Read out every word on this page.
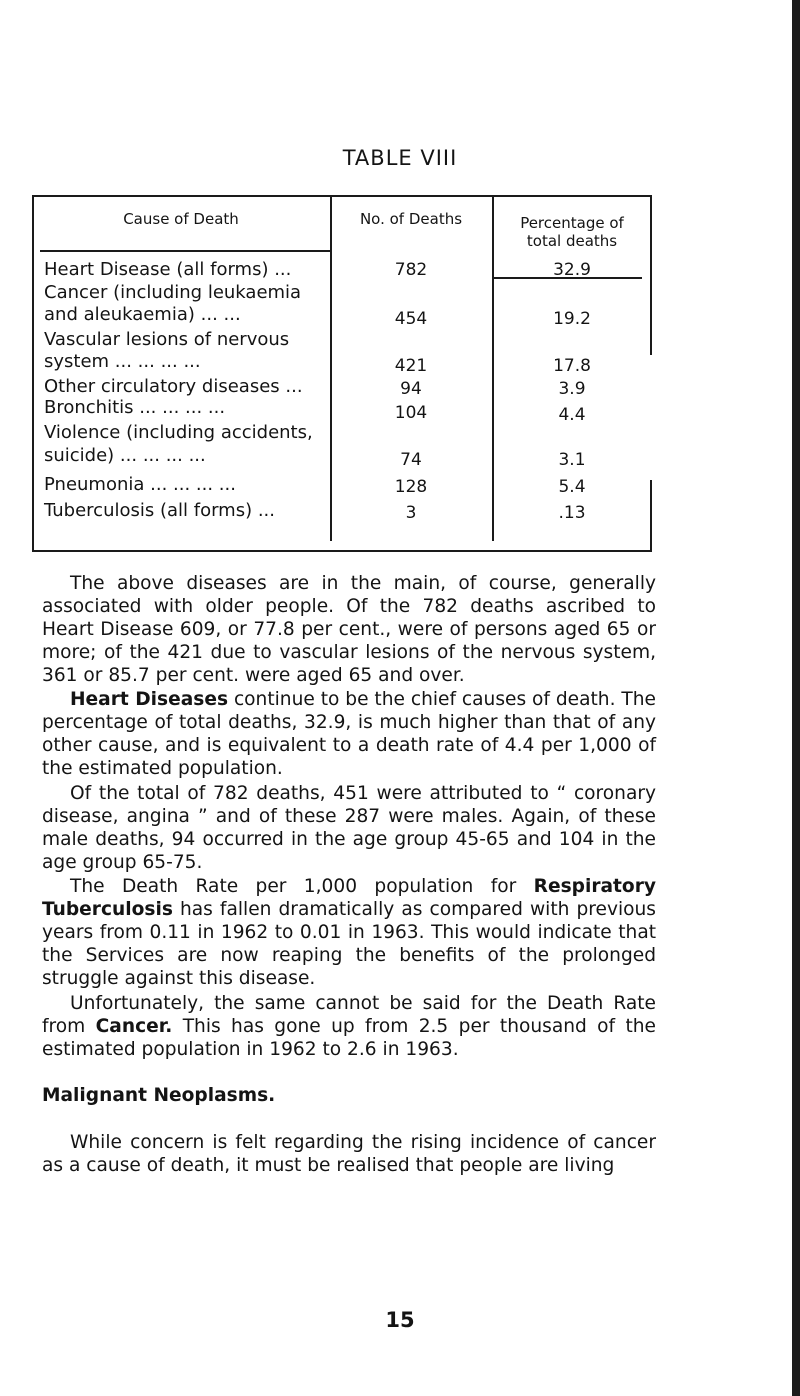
TABLE VIII
Cause of Death	No. of Deaths	Percentage of
total deaths
Heart Disease (all forms) ...	782	32.9
Cancer (including leukaemia
and aleukaemia) ... ...	454	19.2
Vascular lesions of nervous
system ... ... ... ...	421	17.8
Other circulatory diseases ...	94	3.9
Bronchitis ... ... ... ...	104	4.4
Violence (including accidents,
suicide) ... ... ... ...	74	3.1
Pneumonia ... ... ... ...	128	5.4
Tuberculosis (all forms) ...	3	.13

The above diseases are in the main, of course, generally associated with older people. Of the 782 deaths ascribed to Heart Disease 609, or 77.8 per cent., were of persons aged 65 or more; of the 421 due to vascular lesions of the nervous system, 361 or 85.7 per cent. were aged 65 and over.

Heart Diseases continue to be the chief causes of death. The percentage of total deaths, 32.9, is much higher than that of any other cause, and is equivalent to a death rate of 4.4 per 1,000 of the estimated population.

Of the total of 782 deaths, 451 were attributed to “ coronary disease, angina ” and of these 287 were males. Again, of these male deaths, 94 occurred in the age group 45-65 and 104 in the age group 65-75.

The Death Rate per 1,000 population for Respiratory Tuberculosis has fallen dramatically as compared with previous years from 0.11 in 1962 to 0.01 in 1963. This would indicate that the Services are now reaping the benefits of the prolonged struggle against this disease.

Unfortunately, the same cannot be said for the Death Rate from Cancer. This has gone up from 2.5 per thousand of the estimated population in 1962 to 2.6 in 1963.

Malignant Neoplasms.

While concern is felt regarding the rising incidence of cancer as a cause of death, it must be realised that people are living

15
